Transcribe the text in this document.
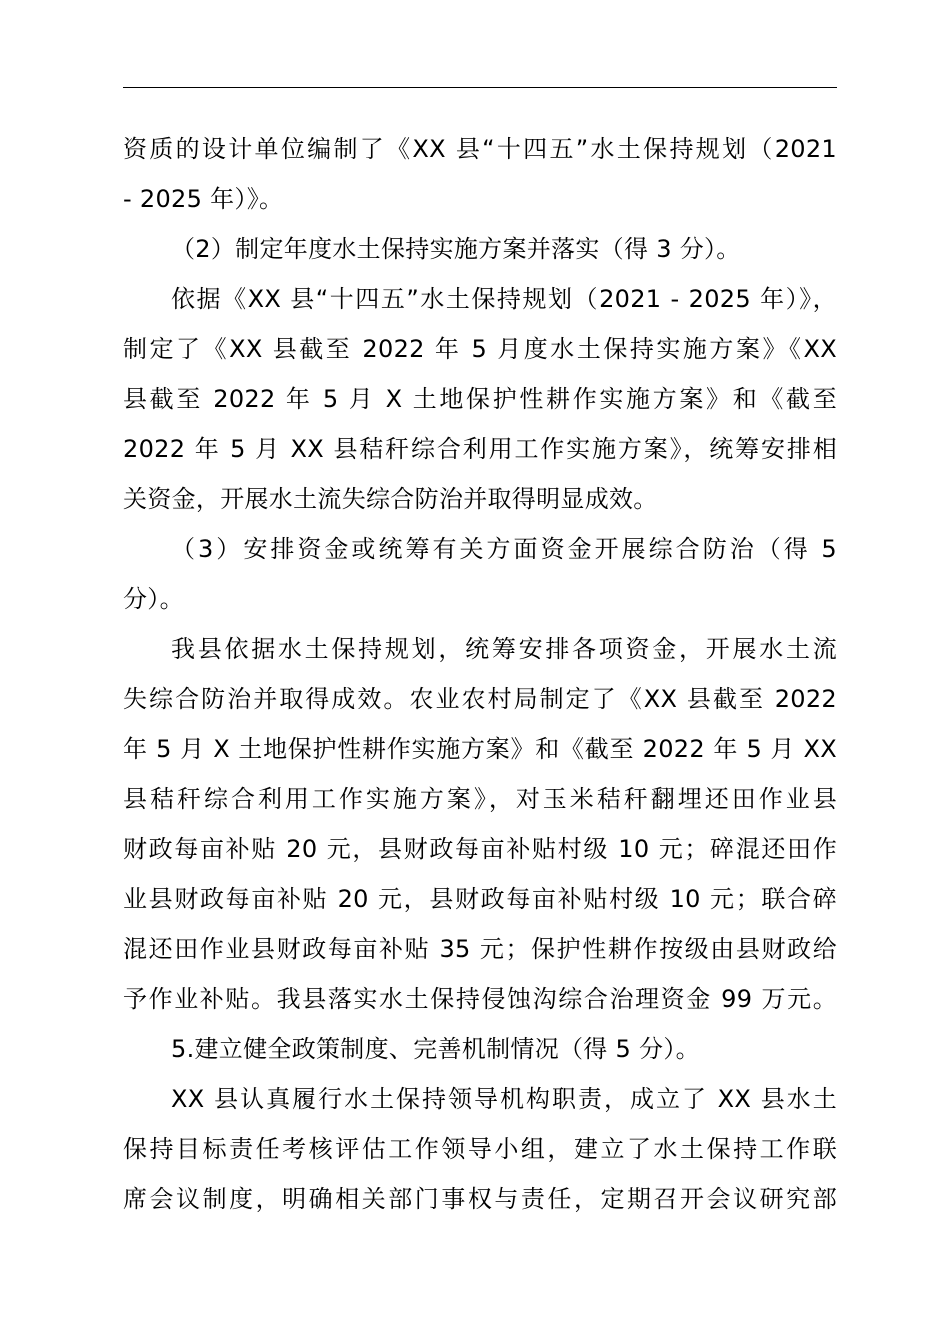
资质的设计单位编制了《XX 县“十四五”水土保持规划（2021
- 2025 年）》。
（2）制定年度水土保持实施方案并落实（得 3 分）。
依据《XX 县“十四五”水土保持规划（2021 - 2025 年）》，
制定了《XX 县截至 2022 年 5 月度水土保持实施方案》《XX
县截至 2022 年 5 月 X 土地保护性耕作实施方案》和《截至
2022 年 5 月 XX 县秸秆综合利用工作实施方案》，统筹安排相
关资金，开展水土流失综合防治并取得明显成效。
（3）安排资金或统筹有关方面资金开展综合防治（得 5
分）。
我县依据水土保持规划，统筹安排各项资金，开展水土流
失综合防治并取得成效。农业农村局制定了《XX 县截至 2022
年 5 月 X 土地保护性耕作实施方案》和《截至 2022 年 5 月 XX
县秸秆综合利用工作实施方案》，对玉米秸秆翻埋还田作业县
财政每亩补贴 20 元，县财政每亩补贴村级 10 元；碎混还田作
业县财政每亩补贴 20 元，县财政每亩补贴村级 10 元；联合碎
混还田作业县财政每亩补贴 35 元；保护性耕作按级由县财政给
予作业补贴。我县落实水土保持侵蚀沟综合治理资金 99 万元。
5.建立健全政策制度、完善机制情况（得 5 分）。
XX 县认真履行水土保持领导机构职责，成立了 XX 县水土
保持目标责任考核评估工作领导小组，建立了水土保持工作联
席会议制度，明确相关部门事权与责任，定期召开会议研究部
